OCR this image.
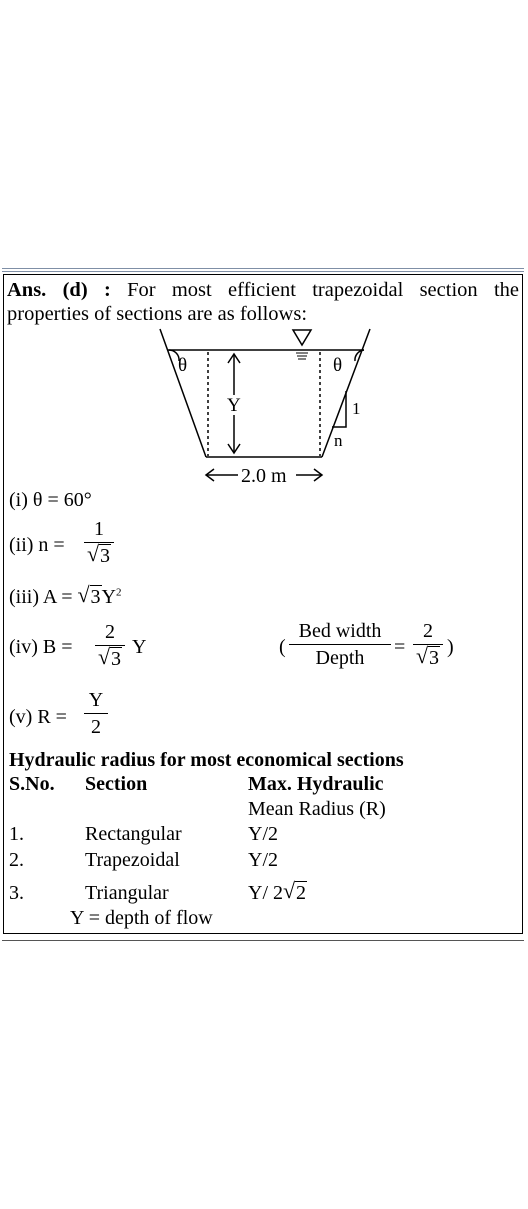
Ans. (d) : For most efficient trapezoidal section the
properties of sections are as follows:
θ	θ
Y	1
n
2.0 m
(i) θ = 60°
(ii) n =
1
√ 3
(iii) A = √ $3Y^2$
(iv) B =
2
√ 3
Y	(
Bed width
Depth	=
2
√ 3 )
(v) R =
Y
2
Hydraulic radius for most economical sections
S.No. Section	Max. Hydraulic
Mean Radius (R)
1.	Rectangular	Y/2
2.	Trapezoidal	Y/2
3.	Triangular	Y/ 2 √ 2
Y = depth of flow
